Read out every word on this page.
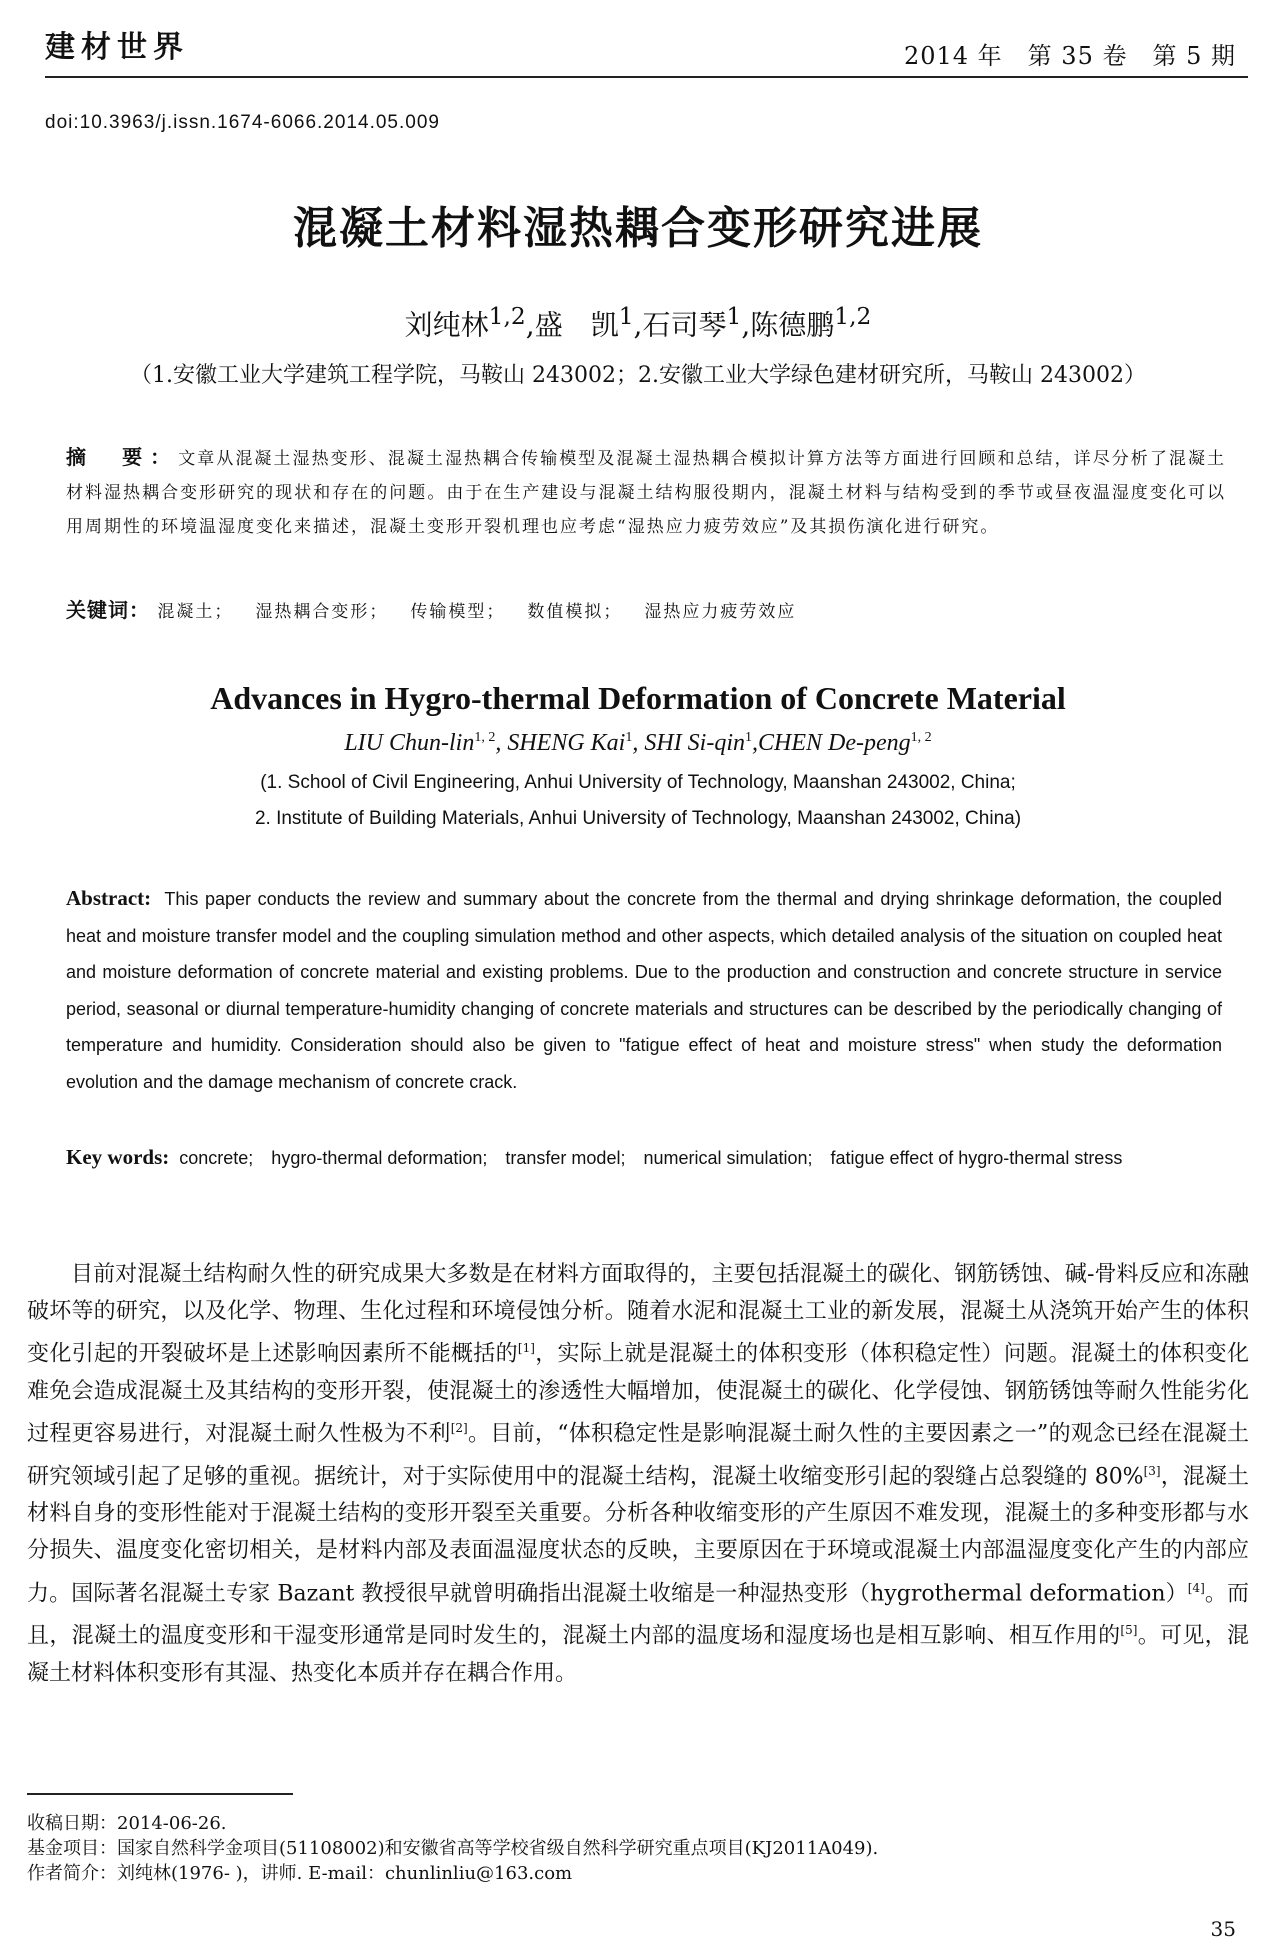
建材世界	2014 年　第 35 卷　第 5 期
doi:10.3963/j.issn.1674-6066.2014.05.009
混凝土材料湿热耦合变形研究进展
刘纯林$^{1,2}$,盛　凯$^1$,石司琴$^1$,陈德鹏$^{1,2}$
（1.安徽工业大学建筑工程学院，马鞍山 243002；2.安徽工业大学绿色建材研究所，马鞍山 243002）
摘　要：文章从混凝土湿热变形、混凝土湿热耦合传输模型及混凝土湿热耦合模拟计算方法等方面进行回顾和总结，详尽分析了混凝土材料湿热耦合变形研究的现状和存在的问题。由于在生产建设与混凝土结构服役期内，混凝土材料与结构受到的季节或昼夜温湿度变化可以用周期性的环境温湿度变化来描述，混凝土变形开裂机理也应考虑“湿热应力疲劳效应”及其损伤演化进行研究。
关键词： 混凝土； 湿热耦合变形； 传输模型； 数值模拟； 湿热应力疲劳效应
Advances in Hygro-thermal Deformation of Concrete Material
LIU Chun-lin$^{1, 2}$, SHENG Kai$^1$, SHI Si-qin$^1$,CHEN De-peng$^{1, 2}$
(1. School of Civil Engineering, Anhui University of Technology, Maanshan 243002, China;
2. Institute of Building Materials, Anhui University of Technology, Maanshan 243002, China)
Abstract: This paper conducts the review and summary about the concrete from the thermal and drying shrinkage deformation, the coupled heat and moisture transfer model and the coupling simulation method and other aspects, which detailed analysis of the situation on coupled heat and moisture deformation of concrete material and existing problems. Due to the production and construction and concrete structure in service period, seasonal or diurnal temperature-humidity changing of concrete materials and structures can be described by the periodically changing of temperature and humidity. Consideration should also be given to "fatigue effect of heat and moisture stress" when study the deformation evolution and the damage mechanism of concrete crack.
Key words: concrete;　hygro-thermal deformation;　transfer model;　numerical simulation;　fatigue effect of hygro-thermal stress
目前对混凝土结构耐久性的研究成果大多数是在材料方面取得的，主要包括混凝土的碳化、钢筋锈蚀、碱-骨料反应和冻融破坏等的研究，以及化学、物理、生化过程和环境侵蚀分析。随着水泥和混凝土工业的新发展，混凝土从浇筑开始产生的体积变化引起的开裂破坏是上述影响因素所不能概括的[1]，实际上就是混凝土的体积变形（体积稳定性）问题。混凝土的体积变化难免会造成混凝土及其结构的变形开裂，使混凝土的渗透性大幅增加，使混凝土的碳化、化学侵蚀、钢筋锈蚀等耐久性能劣化过程更容易进行，对混凝土耐久性极为不利[2]。目前，“体积稳定性是影响混凝土耐久性的主要因素之一”的观念已经在混凝土研究领域引起了足够的重视。据统计，对于实际使用中的混凝土结构，混凝土收缩变形引起的裂缝占总裂缝的 80%[3]，混凝土材料自身的变形性能对于混凝土结构的变形开裂至关重要。分析各种收缩变形的产生原因不难发现，混凝土的多种变形都与水分损失、温度变化密切相关，是材料内部及表面温湿度状态的反映，主要原因在于环境或混凝土内部温湿度变化产生的内部应力。国际著名混凝土专家 Bazant 教授很早就曾明确指出混凝土收缩是一种湿热变形（hygrothermal deformation）[4]。而且，混凝土的温度变形和干湿变形通常是同时发生的，混凝土内部的温度场和湿度场也是相互影响、相互作用的[5]。可见，混凝土材料体积变形有其湿、热变化本质并存在耦合作用。
收稿日期：2014-06-26.
基金项目：国家自然科学金项目(51108002)和安徽省高等学校省级自然科学研究重点项目(KJ2011A049).
作者简介：刘纯林(1976- )，讲师. E-mail：chunlinliu@163.com
35
